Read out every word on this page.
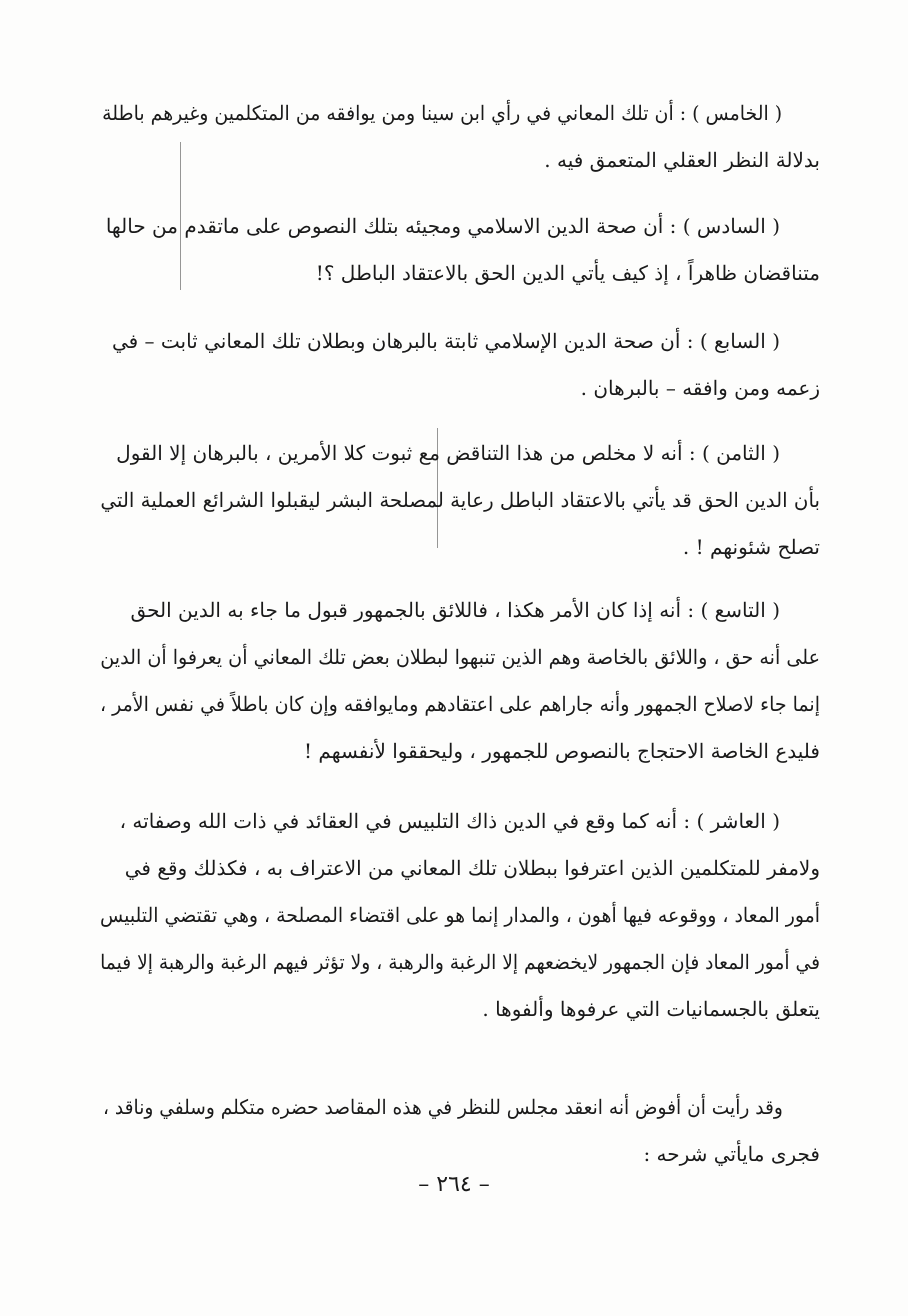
( الخامس ) : أن تلك المعاني في رأي ابن سينا ومن يوافقه من المتكلمين وغيرهم باطلة
بدلالة النظر العقلي المتعمق فيه .
( السادس ) : أن صحة الدين الاسلامي ومجيئه بتلك النصوص على ماتقدم من حالها
متناقضان ظاهراً ، إذ كيف يأتي الدين الحق بالاعتقاد الباطل ؟!
( السابع ) : أن صحة الدين الإسلامي ثابتة بالبرهان وبطلان تلك المعاني ثابت – في
زعمه ومن وافقه – بالبرهان .
( الثامن ) : أنه لا مخلص من هذا التناقض مع ثبوت كلا الأمرين ، بالبرهان إلا القول
بأن الدين الحق قد يأتي بالاعتقاد الباطل رعاية لمصلحة البشر ليقبلوا الشرائع العملية التي
تصلح شئونهم ! .
( التاسع ) : أنه إذا كان الأمر هكذا ، فاللائق بالجمهور قبول ما جاء به الدين الحق
على أنه حق ، واللائق بالخاصة وهم الذين تنبهوا لبطلان بعض تلك المعاني أن يعرفوا أن الدين
إنما جاء لاصلاح الجمهور وأنه جاراهم على اعتقادهم ومايوافقه وإن كان باطلاً في نفس الأمر ،
فليدع الخاصة الاحتجاج بالنصوص للجمهور ، وليحققوا لأنفسهم !
( العاشر ) : أنه كما وقع في الدين ذاك التلبيس في العقائد في ذات الله وصفاته ،
ولامفر للمتكلمين الذين اعترفوا ببطلان تلك المعاني من الاعتراف به ، فكذلك وقع في
أمور المعاد ، ووقوعه فيها أهون ، والمدار إنما هو على اقتضاء المصلحة ، وهي تقتضي التلبيس
في أمور المعاد فإن الجمهور لايخضعهم إلا الرغبة والرهبة ، ولا تؤثر فيهم الرغبة والرهبة إلا فيما
يتعلق بالجسمانيات التي عرفوها وألفوها .
وقد رأيت أن أفوض أنه انعقد مجلس للنظر في هذه المقاصد حضره متكلم وسلفي وناقد ،
فجرى مايأتي شرحه :
– ٢٦٤ –
